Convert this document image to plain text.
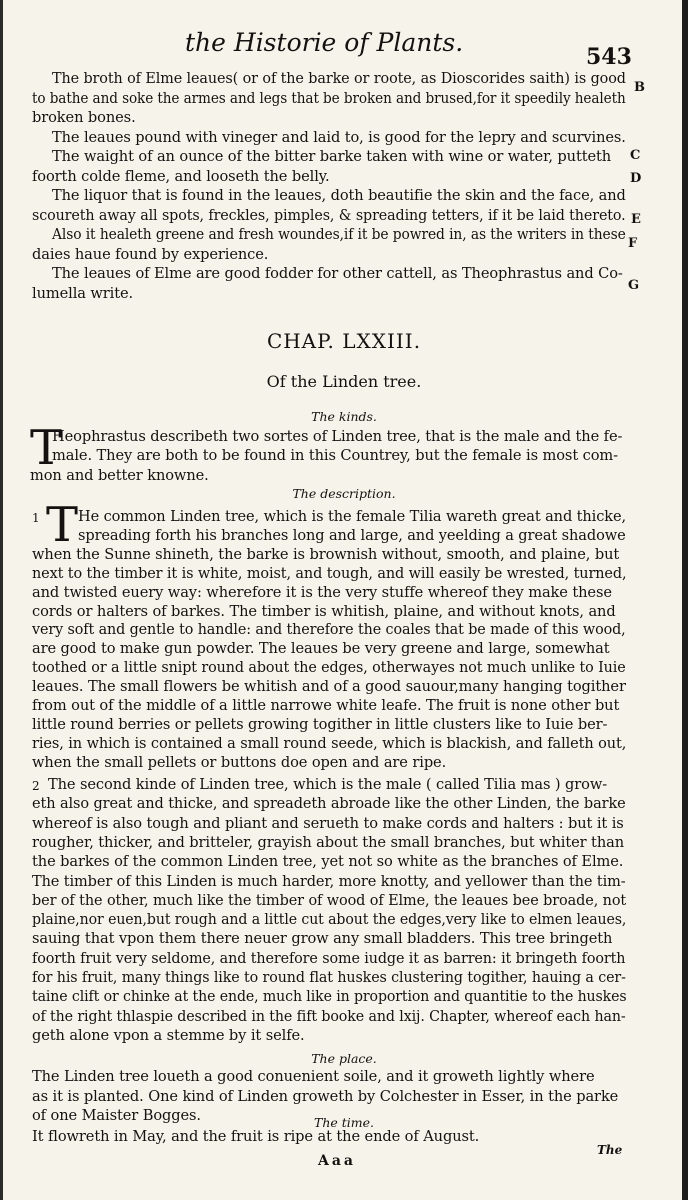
the Historie of Plants.	543
The broth of Elme leaues( or of the barke or roote, as Dioscorides saith) is good
to bathe and soke the armes and legs that be broken and brused,for it speedily healeth
broken bones.
The leaues pound with vineger and laid to, is good for the lepry and scurvines.
The waight of an ounce of the bitter barke taken with wine or water, putteth
foorth colde fleme, and looseth the belly.
The liquor that is found in the leaues, doth beautifie the skin and the face, and
scoureth away all spots, freckles, pimples, & spreading tetters, if it be laid thereto.
Also it healeth greene and fresh woundes,if it be powred in, as the writers in these
daies haue found by experience.
The leaues of Elme are good fodder for other cattell, as Theophrastus and Co-
lumella write.
B
C
D
E
F
G
CHAP. LXXIII.
Of the Linden tree.
The kinds.
T
Heophrastus describeth two sortes of Linden tree, that is the male and the fe-
male. They are both to be found in this Countrey, but the female is most com-
mon and better knowne.
The description.
1 T He common Linden tree, which is the female Tilia wareth great and thicke,
spreading forth his branches long and large, and yeelding a great shadowe
when the Sunne shineth, the barke is brownish without, smooth, and plaine, but
next to the timber it is white, moist, and tough, and will easily be wrested, turned,
and twisted euery way: wherefore it is the very stuffe whereof they make these
cords or halters of barkes. The timber is whitish, plaine, and without knots, and
very soft and gentle to handle: and therefore the coales that be made of this wood,
are good to make gun powder. The leaues be very greene and large, somewhat
toothed or a little snipt round about the edges, otherwayes not much unlike to Iuie
leaues. The small flowers be whitish and of a good sauour,many hanging togither
from out of the middle of a little narrowe white leafe. The fruit is none other but
little round berries or pellets growing togither in little clusters like to Iuie ber-
ries, in which is contained a small round seede, which is blackish, and falleth out,
when the small pellets or buttons doe open and are ripe.
2 The second kinde of Linden tree, which is the male ( called Tilia mas ) grow-
eth also great and thicke, and spreadeth abroade like the other Linden, the barke
whereof is also tough and pliant and serueth to make cords and halters : but it is
rougher, thicker, and britteler, grayish about the small branches, but whiter than
the barkes of the common Linden tree, yet not so white as the branches of Elme.
The timber of this Linden is much harder, more knotty, and yellower than the tim-
ber of the other, much like the timber of wood of Elme, the leaues bee broade, not
plaine,nor euen,but rough and a little cut about the edges,very like to elmen leaues,
sauing that vpon them there neuer grow any small bladders. This tree bringeth
foorth fruit very seldome, and therefore some iudge it as barren: it bringeth foorth
for his fruit, many things like to round flat huskes clustering togither, hauing a cer-
taine clift or chinke at the ende, much like in proportion and quantitie to the huskes
of the right thlaspie described in the fift booke and lxij. Chapter, whereof each han-
geth alone vpon a stemme by it selfe.
The place.
The Linden tree loueth a good conuenient soile, and it groweth lightly where
as it is planted. One kind of Linden groweth by Colchester in Esser, in the parke
of one Maister Bogges.	The time.
It flowreth in May, and the fruit is ripe at the ende of August.
Aaa
The
